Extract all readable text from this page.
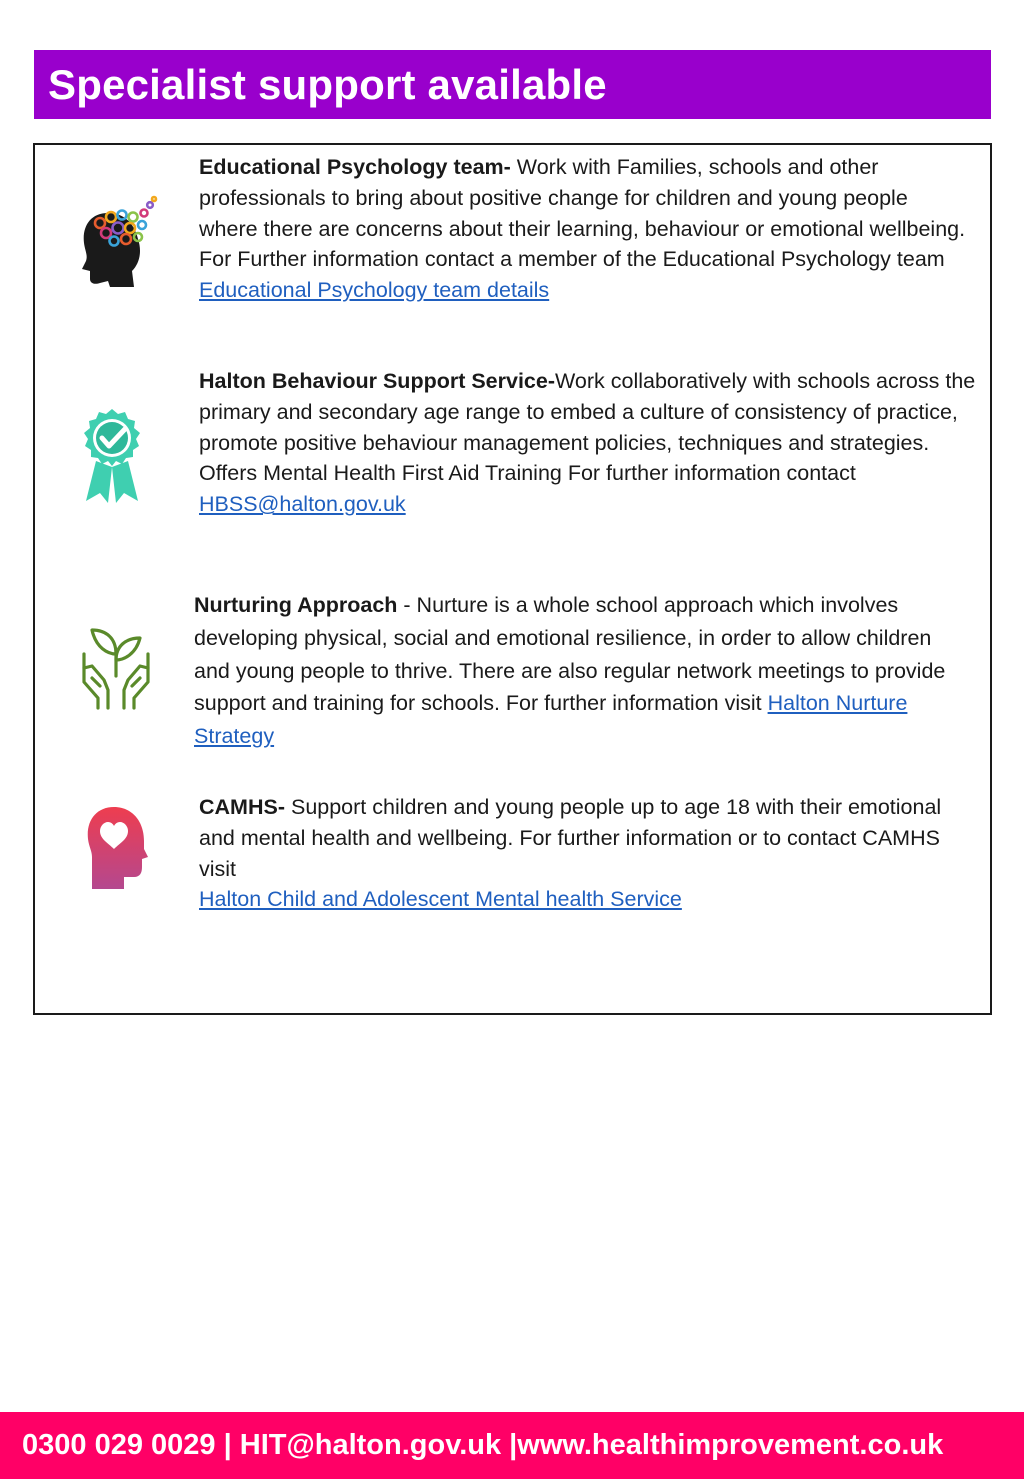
Specialist support available

Educational Psychology team- Work with Families, schools and other professionals to bring about positive change for children and young people where there are concerns about their learning, behaviour or emotional wellbeing. For Further information contact a member of the Educational Psychology team Educational Psychology team details

Halton Behaviour Support Service-Work collaboratively with schools across the primary and secondary age range to embed a culture of consistency of practice, promote positive behaviour management policies, techniques and strategies. Offers Mental Health First Aid Training For further information contact HBSS@halton.gov.uk

Nurturing Approach - Nurture is a whole school approach which involves developing physical, social and emotional resilience, in order to allow children and young people to thrive. There are also regular network meetings to provide support and training for schools. For further information visit Halton Nurture Strategy

CAMHS- Support children and young people up to age 18 with their emotional and mental health and wellbeing. For further information or to contact CAMHS visit
Halton Child and Adolescent Mental health Service

0300 029 0029 | HIT@halton.gov.uk |www.healthimprovement.co.uk
